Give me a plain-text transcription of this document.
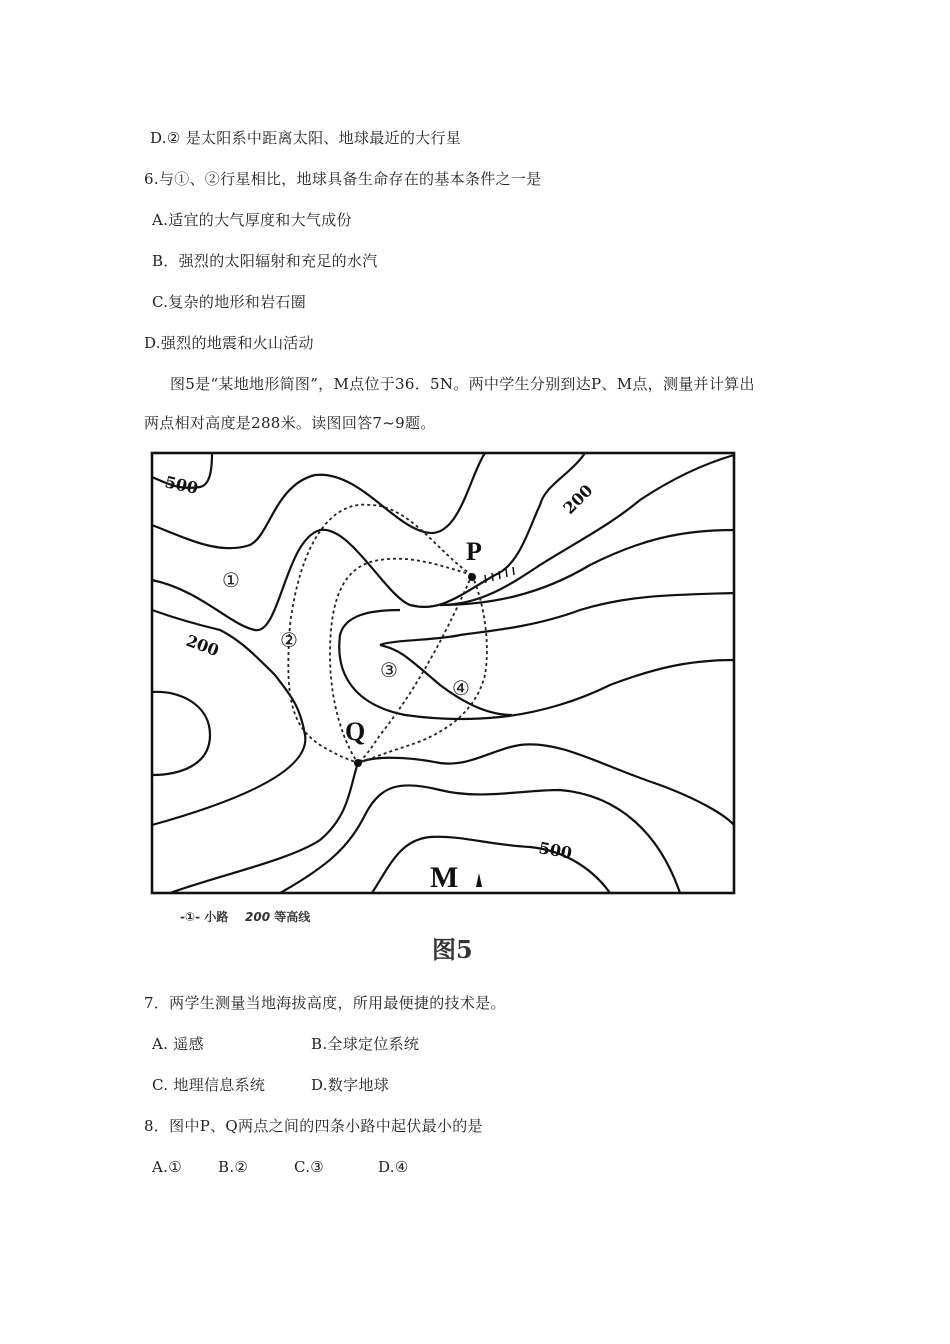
D.② 是太阳系中距离太阳、地球最近的大行星
6.与①、②行星相比，地球具备生命存在的基本条件之一是
A.适宜的大气厚度和大气成份
B．强烈的太阳辐射和充足的水汽
C.复杂的地形和岩石圈
D.强烈的地震和火山活动
图5是“某地地形简图”，M点位于36．5N。两中学生分别到达P、M点，测量并计算出
两点相对高度是288米。读图回答7~9题。
P
Q
M
①
②
③
④
500	200
200
500
-①- 小路 200 等高线
图5
7．两学生测量当地海拔高度，所用最便捷的技术是。
A. 遥感	B.全球定位系统
C. 地理信息系统	D.数字地球
8．图中P、Q两点之间的四条小路中起伏最小的是
A.① B.②	C.③	D.④
